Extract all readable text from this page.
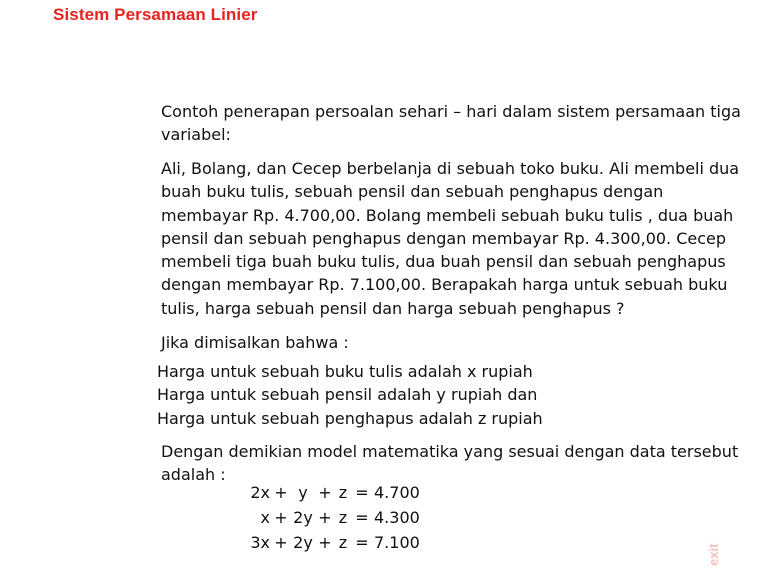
Sistem Persamaan Linier
Contoh penerapan persoalan sehari – hari dalam sistem persamaan tiga variabel:
Ali, Bolang, dan Cecep berbelanja di sebuah toko buku. Ali membeli dua buah buku tulis, sebuah pensil dan sebuah penghapus dengan membayar Rp. 4.700,00. Bolang membeli sebuah buku tulis , dua buah pensil dan sebuah penghapus dengan membayar Rp. 4.300,00. Cecep membeli tiga buah buku tulis, dua buah pensil dan sebuah penghapus dengan membayar Rp. 7.100,00. Berapakah harga untuk sebuah buku tulis, harga sebuah pensil dan harga sebuah penghapus ?
Jika dimisalkan bahwa :
Harga untuk sebuah buku tulis adalah x rupiah
Harga untuk sebuah pensil adalah y rupiah dan
Harga untuk sebuah penghapus adalah z rupiah
Dengan demikian model matematika yang sesuai dengan data tersebut adalah :
2x + y + z = 4.700
x + 2y + z = 4.300
3x + 2y + z = 7.100
exit
